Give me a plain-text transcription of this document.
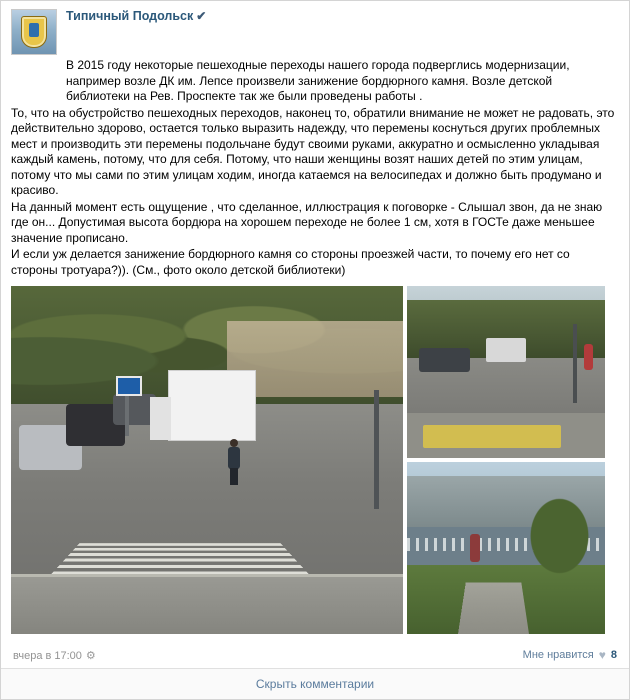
Типичный Подольск ✔

В 2015 году некоторые пешеходные переходы нашего города подверглись модернизации, например возле ДК им. Лепсе произвели занижение бордюрного камня. Возле детской библиотеки на Рев. Проспекте так же были проведены работы .

То, что на обустройство пешеходных переходов, наконец то, обратили внимание не может не радовать, это действительно здорово, остается только выразить надежду, что перемены коснуться других проблемных мест и производить эти перемены подольчане будут своими руками, аккуратно и осмысленно укладывая каждый камень, потому, что для себя. Потому, что наши женщины возят наших детей по этим улицам, потому что мы сами по этим улицам ходим, иногда катаемся на велосипедах и должно быть продумано и красиво.

На данный момент есть ощущение , что сделанное, иллюстрация к поговорке - Слышал звон, да не знаю где он... Допустимая высота бордюра на хорошем переходе не более 1 см, хотя в ГОСТе даже меньшее значение прописано.

И если уж делается занижение бордюрного камня со стороны проезжей части, то почему его нет со стороны тротуара?)). (См., фото около детской библиотеки)

вчера в 17:00 ⚙	Мне нравится ♥ 8
Скрыть комментарии
